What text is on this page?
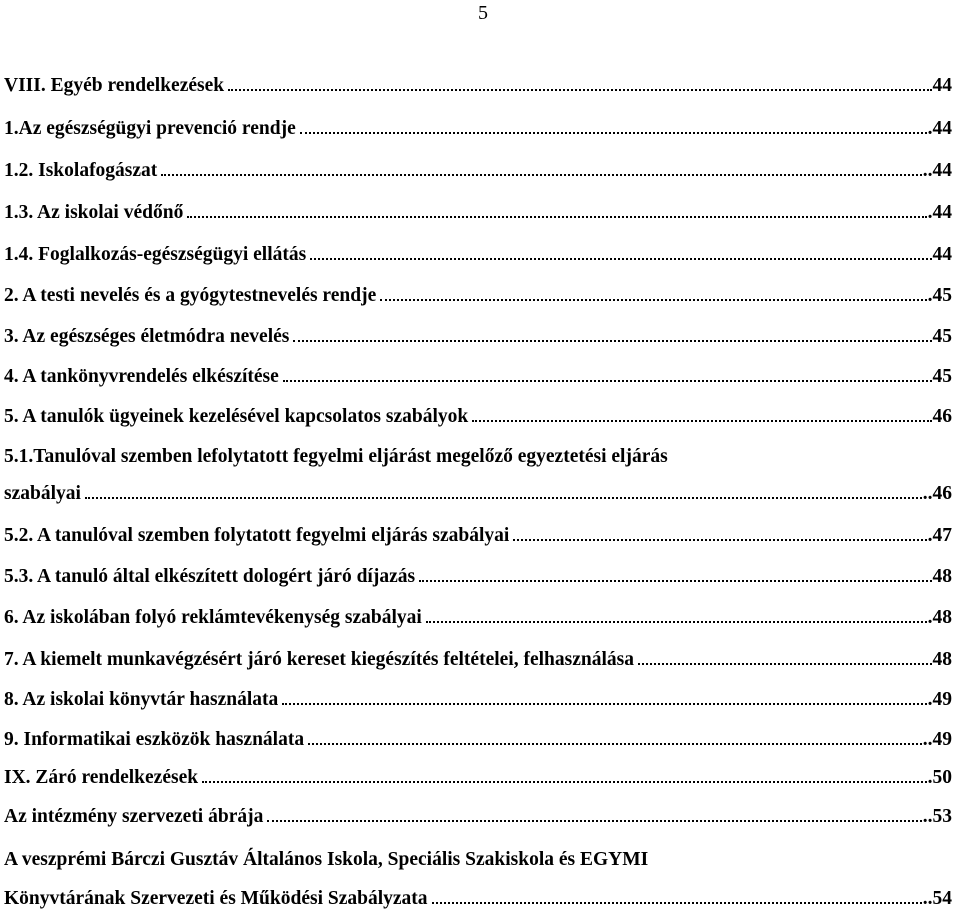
5
VIII. Egyéb rendelkezések	44
1.Az egészségügyi prevenció rendje	.44
1.2. Iskolafogászat	..44
1.3. Az iskolai védőnő	.44
1.4. Foglalkozás-egészségügyi ellátás	44
2. A testi nevelés és a gyógytestnevelés rendje	.45
3. Az egészséges életmódra nevelés	45
4. A tankönyvrendelés elkészítése	45
5. A tanulók ügyeinek kezelésével kapcsolatos szabályok	46
5.1.Tanulóval szemben lefolytatott fegyelmi eljárást megelőző egyeztetési eljárás
szabályai	..46
5.2. A tanulóval szemben folytatott fegyelmi eljárás szabályai	.47
5.3. A tanuló által elkészített dologért járó díjazás	48
6. Az iskolában folyó reklámtevékenység szabályai	.48
7. A kiemelt munkavégzésért járó kereset kiegészítés feltételei, felhasználása	48
8. Az iskolai könyvtár használata	.49
9. Informatikai eszközök használata	..49
IX. Záró rendelkezések	.50
Az intézmény szervezeti ábrája	..53
A veszprémi Bárczi Gusztáv Általános Iskola, Speciális Szakiskola és EGYMI
Könyvtárának Szervezeti és Működési Szabályzata	..54
